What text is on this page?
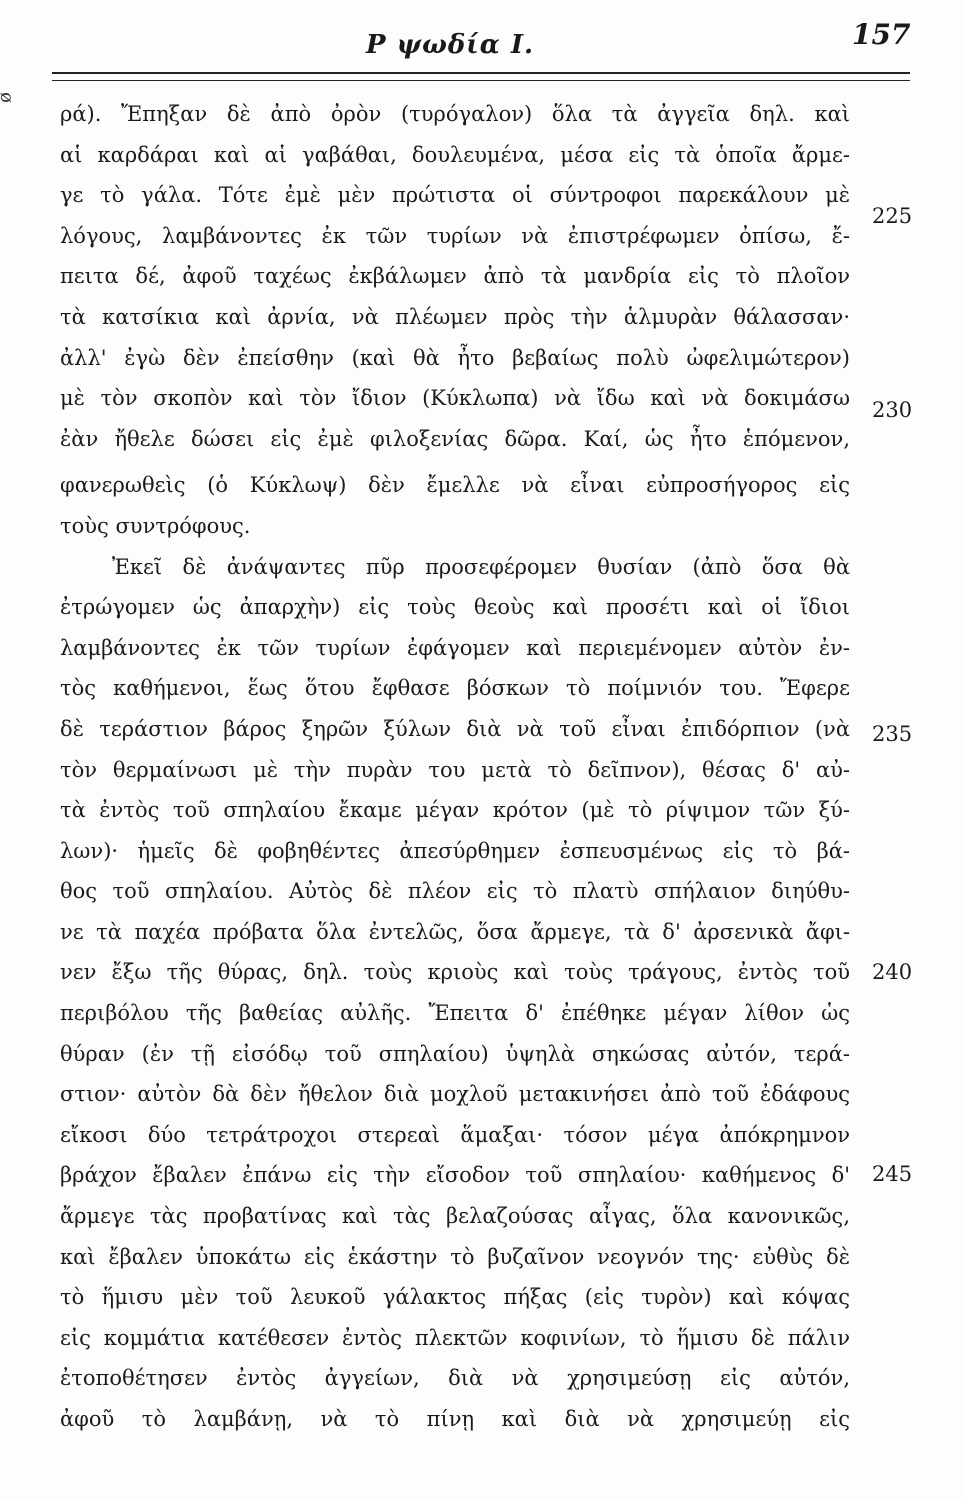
Ρ ψωδία Ι.	157
ᴓ
ρά). Ἔπηξαν δὲ ἀπὸ ὀρὸν (τυρόγαλον) ὅλα τὰ ἀγγεῖα δηλ. καὶ
αἱ καρδάραι καὶ αἱ γαβάθαι, δουλευμένα, μέσα εἰς τὰ ὁποῖα ἄρμε-
γε τὸ γάλα. Τότε ἐμὲ μὲν πρώτιστα οἱ σύντροφοι παρεκάλουν μὲ
λόγους, λαμβάνοντες ἐκ τῶν τυρίων νὰ ἐπιστρέφωμεν ὀπίσω, ἔ-
πειτα δέ, ἀφοῦ ταχέως ἐκβάλωμεν ἀπὸ τὰ μανδρία εἰς τὸ πλοῖον
τὰ κατσίκια καὶ ἀρνία, νὰ πλέωμεν πρὸς τὴν ἁλμυρὰν θάλασσαν·
ἀλλ' ἐγὼ δὲν ἐπείσθην (καὶ θὰ ἦτο βεβαίως πολὺ ὠφελιμώτερον)
μὲ τὸν σκοπὸν καὶ τὸν ἴδιον (Κύκλωπα) νὰ ἴδω καὶ νὰ δοκιμάσω
ἐὰν ἤθελε δώσει εἰς ἐμὲ φιλοξενίας δῶρα. Καί, ὡς ἦτο ἑπόμενον,
φανερωθεὶς (ὁ Κύκλωψ) δὲν ἔμελλε νὰ εἶναι εὐπροσήγορος εἰς
τοὺς συντρόφους.
Ἐκεῖ δὲ ἀνάψαντες πῦρ προσεφέρομεν θυσίαν (ἀπὸ ὅσα θὰ
ἐτρώγομεν ὡς ἀπαρχὴν) εἰς τοὺς θεοὺς καὶ προσέτι καὶ οἱ ἴδιοι
λαμβάνοντες ἐκ τῶν τυρίων ἐφάγομεν καὶ περιεμένομεν αὐτὸν ἐν-
τὸς καθήμενοι, ἕως ὅτου ἔφθασε βόσκων τὸ ποίμνιόν του. Ἔφερε
δὲ τεράστιον βάρος ξηρῶν ξύλων διὰ νὰ τοῦ εἶναι ἐπιδόρπιον (νὰ
τὸν θερμαίνωσι μὲ τὴν πυρὰν του μετὰ τὸ δεῖπνον), θέσας δ' αὐ-
τὰ ἐντὸς τοῦ σπηλαίου ἔκαμε μέγαν κρότον (μὲ τὸ ρίψιμον τῶν ξύ-
λων)· ἡμεῖς δὲ φοβηθέντες ἀπεσύρθημεν ἐσπευσμένως εἰς τὸ βά-
θος τοῦ σπηλαίου. Αὐτὸς δὲ πλέον εἰς τὸ πλατὺ σπήλαιον διηύθυ-
νε τὰ παχέα πρόβατα ὅλα ἐντελῶς, ὅσα ἄρμεγε, τὰ δ' ἀρσενικὰ ἄφι-
νεν ἔξω τῆς θύρας, δηλ. τοὺς κριοὺς καὶ τοὺς τράγους, ἐντὸς τοῦ
περιβόλου τῆς βαθείας αὐλῆς. Ἔπειτα δ' ἐπέθηκε μέγαν λίθον ὡς
θύραν (ἐν τῇ εἰσόδῳ τοῦ σπηλαίου) ὑψηλὰ σηκώσας αὐτόν, τερά-
στιον· αὐτὸν δὰ δὲν ἤθελον διὰ μοχλοῦ μετακινήσει ἀπὸ τοῦ ἐδάφους
εἴκοσι δύο τετράτροχοι στερεαὶ ἅμαξαι· τόσον μέγα ἀπόκρημνον
βράχον ἔβαλεν ἐπάνω εἰς τὴν εἴσοδον τοῦ σπηλαίου· καθήμενος δ'
ἄρμεγε τὰς προβατίνας καὶ τὰς βελαζούσας αἶγας, ὅλα κανονικῶς,
καὶ ἔβαλεν ὑποκάτω εἰς ἑκάστην τὸ βυζαῖνον νεογνόν της· εὐθὺς δὲ
τὸ ἥμισυ μὲν τοῦ λευκοῦ γάλακτος πήξας (εἰς τυρὸν) καὶ κόψας
εἰς κομμάτια κατέθεσεν ἐντὸς πλεκτῶν κοφινίων, τὸ ἥμισυ δὲ πάλιν
ἐτοποθέτησεν ἐντὸς ἀγγείων, διὰ νὰ χρησιμεύσῃ εἰς αὐτόν,
ἀφοῦ τὸ λαμβάνῃ, νὰ τὸ πίνῃ καὶ διὰ νὰ χρησιμεύῃ εἰς
225
230
235
240
245
